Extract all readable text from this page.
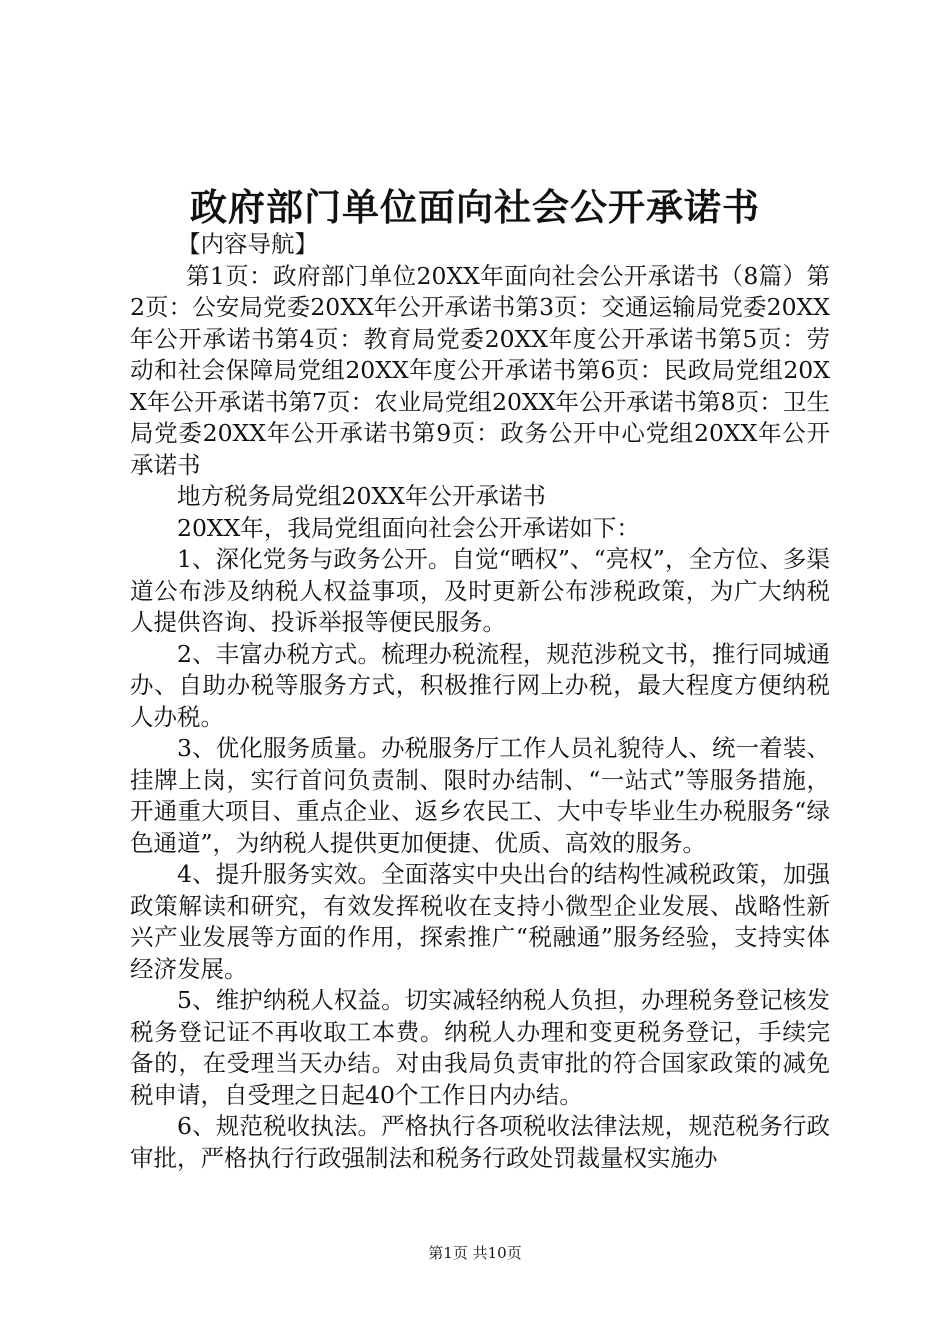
政府部门单位面向社会公开承诺书

【内容导航】

第1页：政府部门单位20XX年面向社会公开承诺书（8篇）第2页：公安局党委20XX年公开承诺书第3页：交通运输局党委20XX年公开承诺书第4页：教育局党委20XX年度公开承诺书第5页：劳动和社会保障局党组20XX年度公开承诺书第6页：民政局党组20XX年公开承诺书第7页：农业局党组20XX年公开承诺书第8页：卫生局党委20XX年公开承诺书第9页：政务公开中心党组20XX年公开承诺书

地方税务局党组20XX年公开承诺书

20XX年，我局党组面向社会公开承诺如下：

1、深化党务与政务公开。自觉“晒权”、“亮权”，全方位、多渠道公布涉及纳税人权益事项，及时更新公布涉税政策，为广大纳税人提供咨询、投诉举报等便民服务。

2、丰富办税方式。梳理办税流程，规范涉税文书，推行同城通办、自助办税等服务方式，积极推行网上办税，最大程度方便纳税人办税。

3、优化服务质量。办税服务厅工作人员礼貌待人、统一着装、挂牌上岗，实行首问负责制、限时办结制、“一站式”等服务措施，开通重大项目、重点企业、返乡农民工、大中专毕业生办税服务“绿色通道”，为纳税人提供更加便捷、优质、高效的服务。

4、提升服务实效。全面落实中央出台的结构性减税政策，加强政策解读和研究，有效发挥税收在支持小微型企业发展、战略性新兴产业发展等方面的作用，探索推广“税融通”服务经验，支持实体经济发展。

5、维护纳税人权益。切实减轻纳税人负担，办理税务登记核发税务登记证不再收取工本费。纳税人办理和变更税务登记，手续完备的，在受理当天办结。对由我局负责审批的符合国家政策的减免税申请，自受理之日起40个工作日内办结。

6、规范税收执法。严格执行各项税收法律法规，规范税务行政审批，严格执行行政强制法和税务行政处罚裁量权实施办

第1页 共10页
